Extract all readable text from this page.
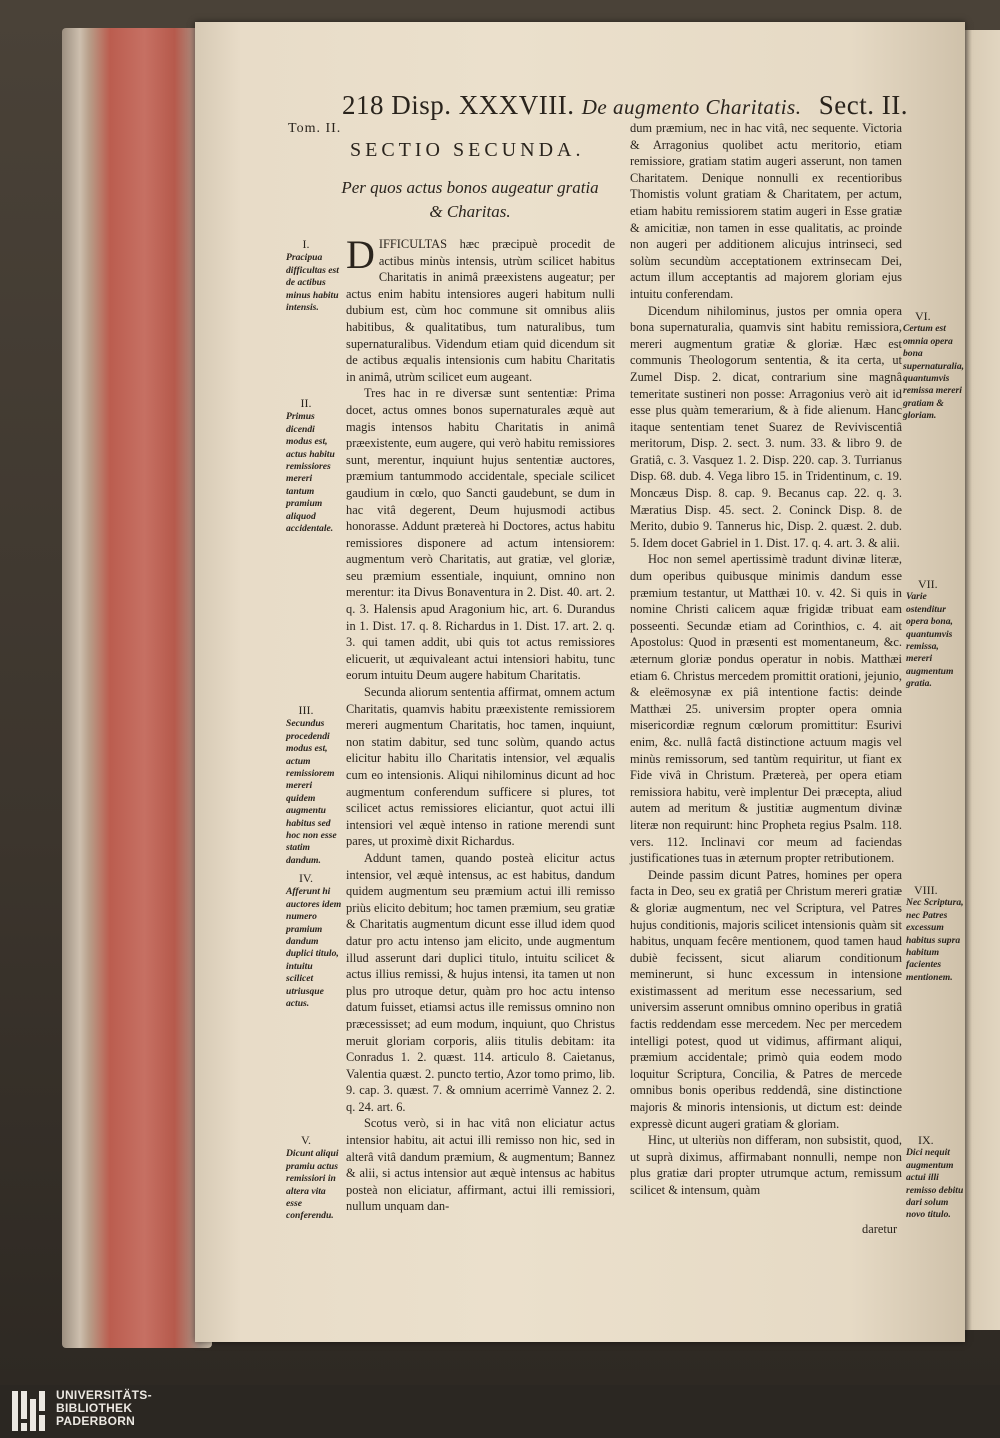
218 Disp. XXXVIII. De augmento Charitatis. Sect. II.
Tom. II.
SECTIO SECUNDA.
Per quos actus bonos augeatur gratia
& Charitas.
I.
Pracipua difficultas est de actibus minus habitu intensis.
II.
Primus dicendi modus est, actus habitu remissiores mereri tantum pramium aliquod accidentale.
III.
Secundus procedendi modus est, actum remissiorem mereri quidem augmentu habitus sed hoc non esse statim dandum.
IV.
Afferunt hi auctores idem numero pramium dandum duplici titulo, intuitu scilicet utriusque actus.
V.
Dicunt aliqui pramiu actus remissiori in altera vita esse conferendu.

DIFFICULTAS hæc præcipuè procedit de actibus minùs intensis, utrùm scilicet habitus Charitatis in animâ præexistens augeatur; per actus enim habitu intensiores augeri habitum nulli dubium est, cùm hoc commune sit omnibus aliis habitibus, & qualitatibus, tum naturalibus, tum supernaturalibus. Videndum etiam quid dicendum sit de actibus æqualis intensionis cum habitu Charitatis in animâ, utrùm scilicet eum augeant.

Tres hac in re diversæ sunt sententiæ: Prima docet, actus omnes bonos supernaturales æquè aut magis intensos habitu Charitatis in animâ præexistente, eum augere, qui verò habitu remissiores sunt, merentur, inquiunt hujus sententiæ auctores, præmium tantummodo accidentale, speciale scilicet gaudium in cœlo, quo Sancti gaudebunt, se dum in hac vitâ degerent, Deum hujusmodi actibus honorasse. Addunt prætereà hi Doctores, actus habitu remissiores disponere ad actum intensiorem: augmentum verò Charitatis, aut gratiæ, vel gloriæ, seu præmium essentiale, inquiunt, omnino non merentur: ita Divus Bonaventura in 2. Dist. 40. art. 2. q. 3. Halensis apud Aragonium hic, art. 6. Durandus in 1. Dist. 17. q. 8. Richardus in 1. Dist. 17. art. 2. q. 3. qui tamen addit, ubi quis tot actus remissiores elicuerit, ut æquivaleant actui intensiori habitu, tunc eorum intuitu Deum augere habitum Charitatis.

Secunda aliorum sententia affirmat, omnem actum Charitatis, quamvis habitu præexistente remissiorem mereri augmentum Charitatis, hoc tamen, inquiunt, non statim dabitur, sed tunc solùm, quando actus elicitur habitu illo Charitatis intensior, vel æqualis cum eo intensionis. Aliqui nihilominus dicunt ad hoc augmentum conferendum sufficere si plures, tot scilicet actus remissiores eliciantur, quot actui illi intensiori vel æquè intenso in ratione merendi sunt pares, ut proximè dixit Richardus.

Addunt tamen, quando posteà elicitur actus intensior, vel æquè intensus, ac est habitus, dandum quidem augmentum seu præmium actui illi remisso priùs elicito debitum; hoc tamen præmium, seu gratiæ & Charitatis augmentum dicunt esse illud idem quod datur pro actu intenso jam elicito, unde augmentum illud asserunt dari duplici titulo, intuitu scilicet & actus illius remissi, & hujus intensi, ita tamen ut non plus pro utroque detur, quàm pro hoc actu intenso datum fuisset, etiamsi actus ille remissus omnino non præcessisset; ad eum modum, inquiunt, quo Christus meruit gloriam corporis, aliis titulis debitam: ita Conradus 1. 2. quæst. 114. articulo 8. Caietanus, Valentia quæst. 2. puncto tertio, Azor tomo primo, lib. 9. cap. 3. quæst. 7. & omnium acerrimè Vannez 2. 2. q. 24. art. 6.

Scotus verò, si in hac vitâ non eliciatur actus intensior habitu, ait actui illi remisso non hic, sed in alterâ vitâ dandum præmium, & augmentum; Bannez & alii, si actus intensior aut æquè intensus ac habitus posteà non eliciatur, affirmant, actui illi remissiori, nullum unquam dan-

dum præmium, nec in hac vitâ, nec sequente. Victoria & Arragonius quolibet actu meritorio, etiam remissiore, gratiam statim augeri asserunt, non tamen Charitatem. Denique nonnulli ex recentioribus Thomistis volunt gratiam & Charitatem, per actum, etiam habitu remissiorem statim augeri in Esse gratiæ & amicitiæ, non tamen in esse qualitatis, ac proinde non augeri per additionem alicujus intrinseci, sed solùm secundùm acceptationem extrinsecam Dei, actum illum acceptantis ad majorem gloriam ejus intuitu conferendam.

Dicendum nihilominus, justos per omnia opera bona supernaturalia, quamvis sint habitu remissiora, mereri augmentum gratiæ & gloriæ. Hæc est communis Theologorum sententia, & ita certa, ut Zumel Disp. 2. dicat, contrarium sine magnâ temeritate sustineri non posse: Arragonius verò ait id esse plus quàm temerarium, & à fide alienum. Hanc itaque sententiam tenet Suarez de Reviviscentiâ meritorum, Disp. 2. sect. 3. num. 33. & libro 9. de Gratiâ, c. 3. Vasquez 1. 2. Disp. 220. cap. 3. Turrianus Disp. 68. dub. 4. Vega libro 15. in Tridentinum, c. 19. Moncæus Disp. 8. cap. 9. Becanus cap. 22. q. 3. Mæratius Disp. 45. sect. 2. Coninck Disp. 8. de Merito, dubio 9. Tannerus hic, Disp. 2. quæst. 2. dub. 5. Idem docet Gabriel in 1. Dist. 17. q. 4. art. 3. & alii.

Hoc non semel apertissimè tradunt divinæ literæ, dum operibus quibusque minimis dandum esse præmium testantur, ut Matthæi 10. v. 42. Si quis in nomine Christi calicem aquæ frigidæ tribuat eam posseenti. Secundæ etiam ad Corinthios, c. 4. ait Apostolus: Quod in præsenti est momentaneum, &c. æternum gloriæ pondus operatur in nobis. Matthæi etiam 6. Christus mercedem promittit orationi, jejunio, & eleëmosynæ ex piâ intentione factis: deinde Matthæi 25. universim propter opera omnia misericordiæ regnum cœlorum promittitur: Esurivi enim, &c. nullâ factâ distinctione actuum magis vel minùs remissorum, sed tantùm requiritur, ut fiant ex Fide vivâ in Christum. Prætereà, per opera etiam remissiora habitu, verè implentur Dei præcepta, aliud autem ad meritum & justitiæ augmentum divinæ literæ non requirunt: hinc Propheta regius Psalm. 118. vers. 112. Inclinavi cor meum ad faciendas justificationes tuas in æternum propter retributionem.

Deinde passim dicunt Patres, homines per opera facta in Deo, seu ex gratiâ per Christum mereri gratiæ & gloriæ augmentum, nec vel Scriptura, vel Patres hujus conditionis, majoris scilicet intensionis quàm sit habitus, unquam fecêre mentionem, quod tamen haud dubiè fecissent, sicut aliarum conditionum meminerunt, si hunc excessum in intensione existimassent ad meritum esse necessarium, sed universim asserunt omnibus omnino operibus in gratiâ factis reddendam esse mercedem. Nec per mercedem intelligi potest, quod ut vidimus, affirmant aliqui, præmium accidentale; primò quia eodem modo loquitur Scriptura, Concilia, & Patres de mercede omnibus bonis operibus reddendâ, sine distinctione majoris & minoris intensionis, ut dictum est: deinde expressè dicunt augeri gratiam & gloriam.

Hinc, ut ulteriùs non differam, non subsistit, quod, ut suprà diximus, affirmabant nonnulli, nempe non plus gratiæ dari propter utrumque actum, remissum scilicet & intensum, quàm

daretur
VI.
Certum est omnia opera bona supernaturalia, quantumvis remissa mereri gratiam & gloriam.
VII.
Varie ostenditur opera bona, quantumvis remissa, mereri augmentum gratia.
VIII.
Nec Scriptura, nec Patres excessum habitus supra habitum facientes mentionem.
IX.
Dici nequit augmentum actui illi remisso debitu dari solum novo titulo.
UNIVERSITÄTS-
BIBLIOTHEK
PADERBORN
